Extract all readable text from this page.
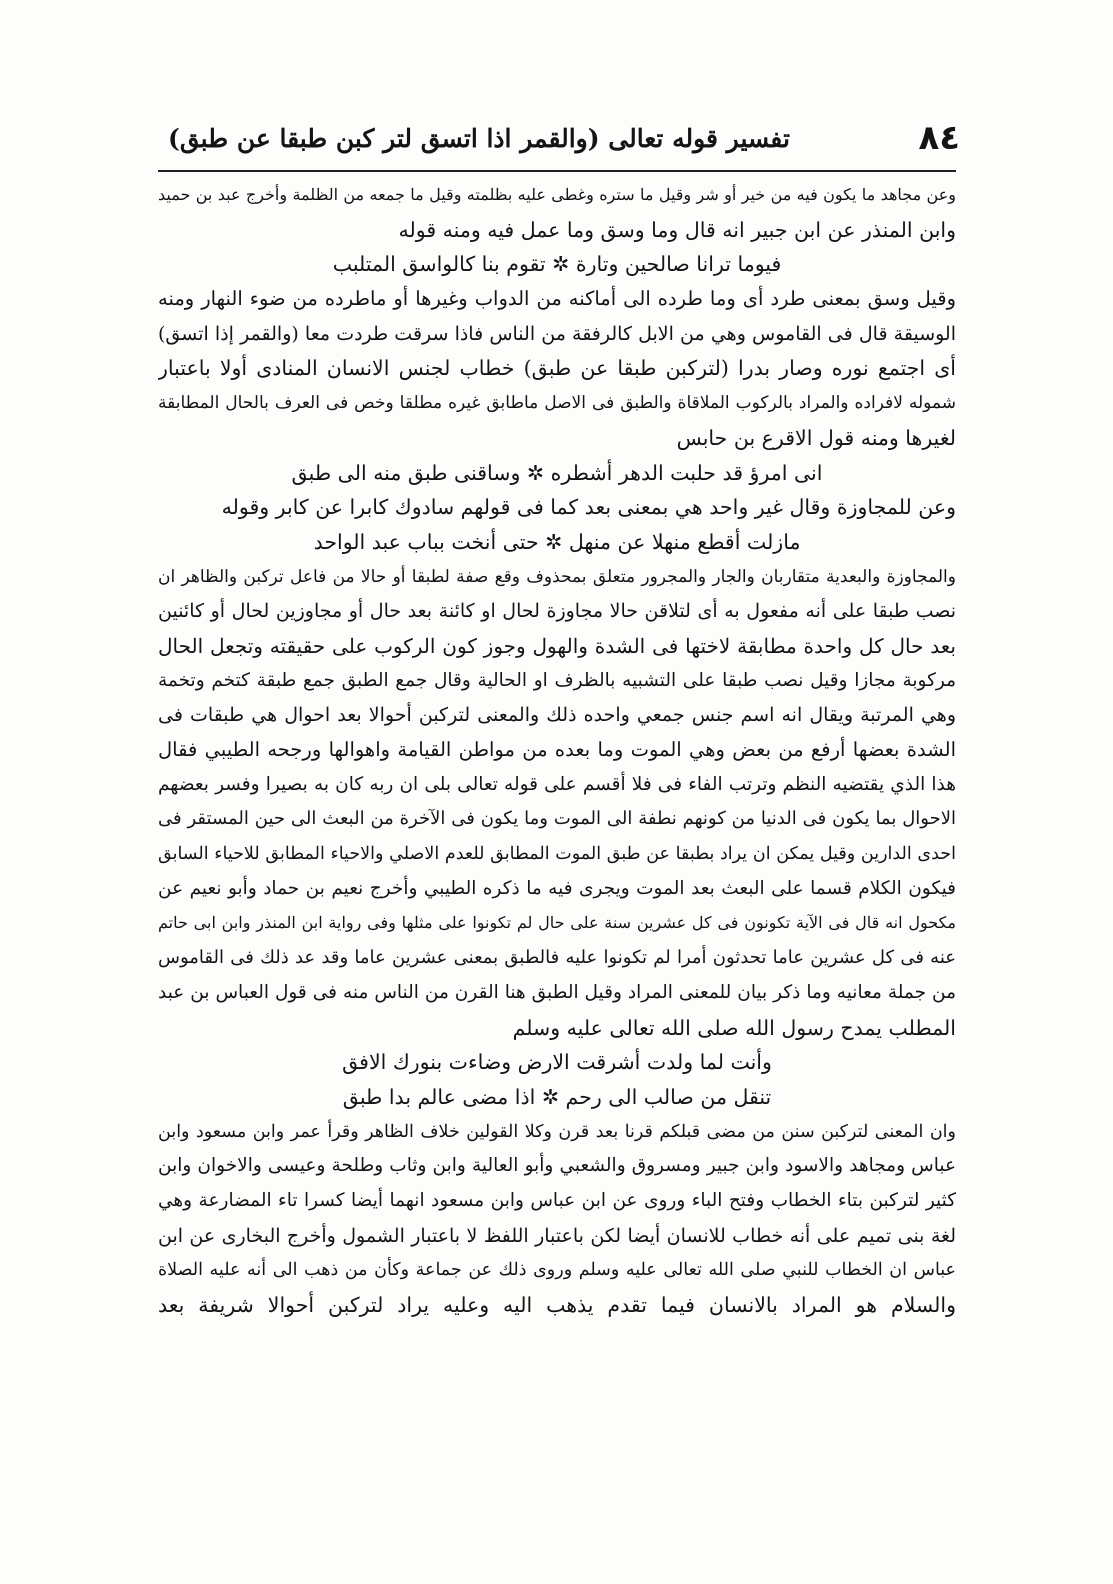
٨٤
تفسير قوله تعالى (والقمر اذا اتسق لتر كبن طبقا عن طبق)
وعن مجاهد ما يكون فيه من خير أو شر وقيل ما ستره وغطى عليه بظلمته وقيل ما جمعه من الظلمة وأخرج عبد بن حميد
وابن المنذر عن ابن جبير انه قال وما وسق وما عمل فيه ومنه قوله
فيوما ترانا صالحين وتارة ✲ تقوم بنا كالواسق المتلبب
وقيل وسق بمعنى طرد أى وما طرده الى أماكنه من الدواب وغيرها أو ماطرده من ضوء النهار ومنه
الوسيقة قال فى القاموس وهي من الابل كالرفقة من الناس فاذا سرقت طردت معا (والقمر إذا اتسق)
أى اجتمع نوره وصار بدرا (لتركبن طبقا عن طبق) خطاب لجنس الانسان المنادى أولا باعتبار
شموله لافراده والمراد بالركوب الملاقاة والطبق فى الاصل ماطابق غيره مطلقا وخص فى العرف بالحال المطابقة
لغيرها ومنه قول الاقرع بن حابس
انى امرؤ قد حلبت الدهر أشطره ✲ وساقنى طبق منه الى طبق
وعن للمجاوزة وقال غير واحد هي بمعنى بعد كما فى قولهم سادوك كابرا عن كابر وقوله
مازلت أقطع منهلا عن منهل ✲ حتى أنخت بباب عبد الواحد
والمجاوزة والبعدية متقاربان والجار والمجرور متعلق بمحذوف وقع صفة لطبقا أو حالا من فاعل تركبن والظاهر ان
نصب طبقا على أنه مفعول به أى لتلاقن حالا مجاوزة لحال او كائنة بعد حال أو مجاوزين لحال أو كائنين
بعد حال كل واحدة مطابقة لاختها فى الشدة والهول وجوز كون الركوب على حقيقته وتجعل الحال
مركوبة مجازا وقيل نصب طبقا على التشبيه بالظرف او الحالية وقال جمع الطبق جمع طبقة كتخم وتخمة
وهي المرتبة ويقال انه اسم جنس جمعي واحده ذلك والمعنى لتركبن أحوالا بعد احوال هي طبقات فى
الشدة بعضها أرفع من بعض وهي الموت وما بعده من مواطن القيامة واهوالها ورجحه الطيبي فقال
هذا الذي يقتضيه النظم وترتب الفاء فى فلا أقسم على قوله تعالى بلى ان ربه كان به بصيرا وفسر بعضهم
الاحوال بما يكون فى الدنيا من كونهم نطفة الى الموت وما يكون فى الآخرة من البعث الى حين المستقر فى
احدى الدارين وقيل يمكن ان يراد بطبقا عن طبق الموت المطابق للعدم الاصلي والاحياء المطابق للاحياء السابق
فيكون الكلام قسما على البعث بعد الموت ويجرى فيه ما ذكره الطيبي وأخرج نعيم بن حماد وأبو نعيم عن
مكحول انه قال فى الآية تكونون فى كل عشرين سنة على حال لم تكونوا على مثلها وفى رواية ابن المنذر وابن ابى حاتم
عنه فى كل عشرين عاما تحدثون أمرا لم تكونوا عليه فالطبق بمعنى عشرين عاما وقد عد ذلك فى القاموس
من جملة معانيه وما ذكر بيان للمعنى المراد وقيل الطبق هنا القرن من الناس منه فى قول العباس بن عبد
المطلب يمدح رسول الله صلى الله تعالى عليه وسلم
وأنت لما ولدت أشرقت الارض وضاءت بنورك الافق
تنقل من صالب الى رحم ✲ اذا مضى عالم بدا طبق
وان المعنى لتركبن سنن من مضى قبلكم قرنا بعد قرن وكلا القولين خلاف الظاهر وقرأ عمر وابن مسعود وابن
عباس ومجاهد والاسود وابن جبير ومسروق والشعبي وأبو العالية وابن وثاب وطلحة وعيسى والاخوان وابن
كثير لتركبن بتاء الخطاب وفتح الباء وروى عن ابن عباس وابن مسعود انهما أيضا كسرا تاء المضارعة وهي
لغة بنى تميم على أنه خطاب للانسان أيضا لكن باعتبار اللفظ لا باعتبار الشمول وأخرج البخارى عن ابن
عباس ان الخطاب للنبي صلى الله تعالى عليه وسلم وروى ذلك عن جماعة وكأن من ذهب الى أنه عليه الصلاة
والسلام هو المراد بالانسان فيما تقدم يذهب اليه وعليه يراد لتركبن أحوالا شريفة بعد
